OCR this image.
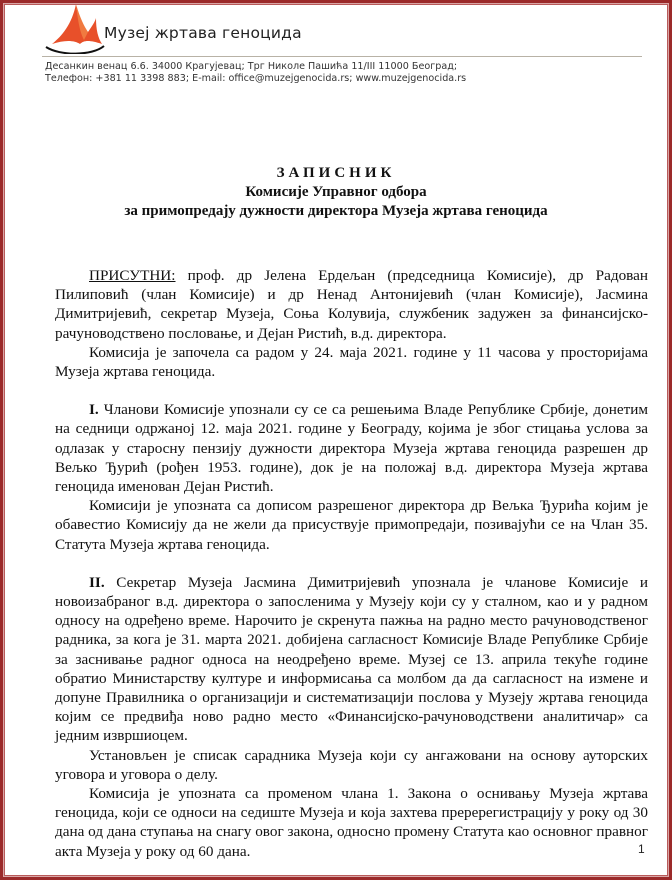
Музеј жртава геноцида
Десанкин венац 6.6. 34000 Крагујевац; Трг Николе Пашића 11/III 11000 Београд;
Телефон: +381 11 3398 883; E-mail: office@muzejgenocida.rs; www.muzejgenocida.rs
ЗАПИСНИК
Комисије Управног одбора
за примопредају дужности директора Музеја жртава геноцида

ПРИСУТНИ: проф. др Јелена Ердељан (председница Комисије), др Радован Пилиповић (члан Комисије) и др Ненад Антонијевић (члан Комисије), Јасмина Димитријевић, секретар Музеја, Соња Колувија, службеник задужен за финансијско-рачуноводствено пословање, и Дејан Ристић, в.д. директора.

Комисија је започела са радом у 24. маја 2021. године у 11 часова у просторијама Музеја жртава геноцида.

I. Чланови Комисије упознали су се са решењима Владе Републике Србије, донетим на седници одржаној 12. маја 2021. године у Београду, којима је због стицања услова за одлазак у старосну пензију дужности директора Музеја жртава геноцида разрешен др Вељко Ђурић (рођен 1953. године), док је на положај в.д. директора Музеја жртава геноцида именован Дејан Ристић.

Комисији је упозната са дописом разрешеног директора др Вељка Ђурића којим је обавестио Комисију да не жели да присуствује примопредаји, позивајући се на Члан 35. Статута Музеја жртава геноцида.

II. Секретар Музеја Јасмина Димитријевић упознала је чланове Комисије и новоизабраног в.д. директора о запосленима у Музеју који су у сталном, као и у радном односу на одређено време. Нарочито је скренута пажња на радно место рачуноводственог радника, за кога је 31. марта 2021. добијена сагласност Комисије Владе Републике Србије за заснивање радног односа на неодређено време. Музеј се 13. априла текуће године обратио Министарству културе и информисања са молбом да да сагласност на измене и допуне Правилника о организацији и систематизацији послова у Музеју жртава геноцида којим се предвиђа ново радно место «Финансијско-рачуноводствени аналитичар» са једним извршиоцем.

Установљен је списак сарадника Музеја који су ангажовани на основу ауторских уговора и уговора о делу.

Комисија је упозната са променом члана 1. Закона о оснивању Музеја жртава геноцида, који се односи на седиште Музеја и која захтева преререгистрацију у року од 30 дана од дана ступања на снагу овог закона, односно промену Статута као основног правног акта Музеја у року од 60 дана.	1
